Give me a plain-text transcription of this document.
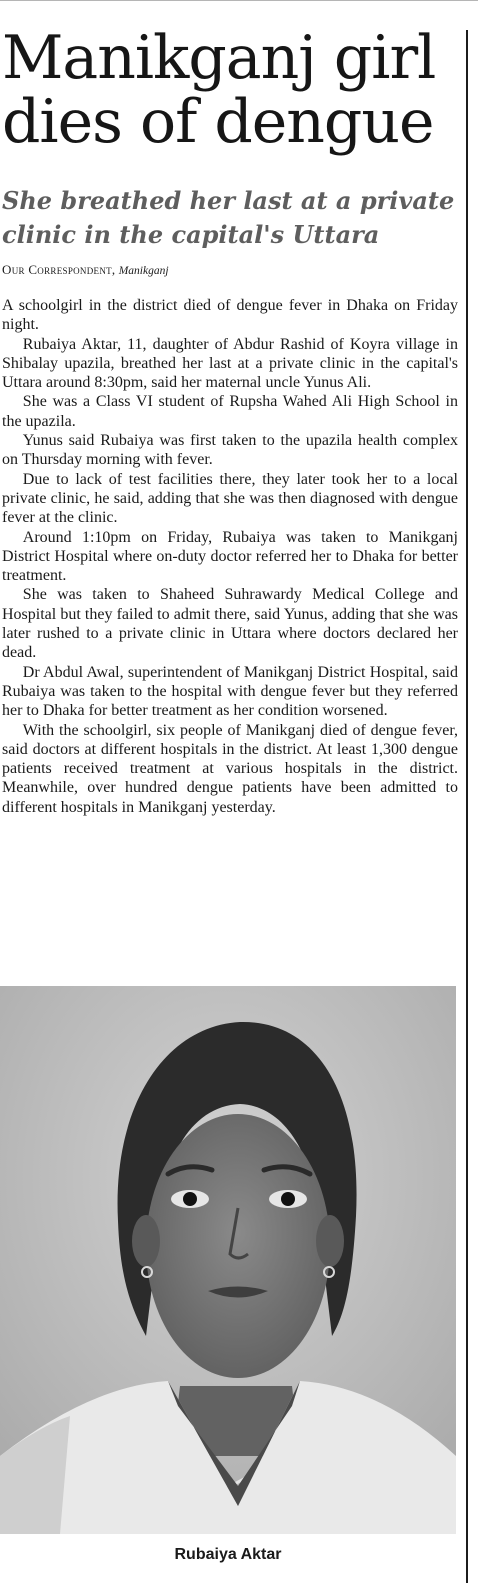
Manikganj girl dies of dengue
She breathed her last at a private clinic in the capital's Uttara
Our Correspondent, Manikganj

A schoolgirl in the district died of dengue fever in Dhaka on Friday night.

Rubaiya Aktar, 11, daughter of Abdur Rashid of Koyra village in Shibalay upazila, breathed her last at a private clinic in the capital's Uttara around 8:30pm, said her maternal uncle Yunus Ali.

She was a Class VI student of Rupsha Wahed Ali High School in the upazila.

Yunus said Rubaiya was first taken to the upazila health complex on Thursday morning with fever.

Due to lack of test facilities there, they later took her to a local private clinic, he said, adding that she was then diagnosed with dengue fever at the clinic.

Around 1:10pm on Friday, Rubaiya was taken to Manikganj District Hospital where on-duty doctor referred her to Dhaka for better treatment.

She was taken to Shaheed Suhrawardy Medical College and Hospital but they failed to admit there, said Yunus, adding that she was later rushed to a private clinic in Uttara where doctors declared her dead.

Dr Abdul Awal, superintendent of Manikganj District Hospital, said Rubaiya was taken to the hospital with dengue fever but they referred her to Dhaka for better treatment as her condition worsened.

With the schoolgirl, six people of Manikganj died of dengue fever, said doctors at different hospitals in the district. At least 1,300 dengue patients received treatment at various hospitals in the district. Meanwhile, over hundred dengue patients have been admitted to different hospitals in Manikganj yesterday.

Rubaiya Aktar
